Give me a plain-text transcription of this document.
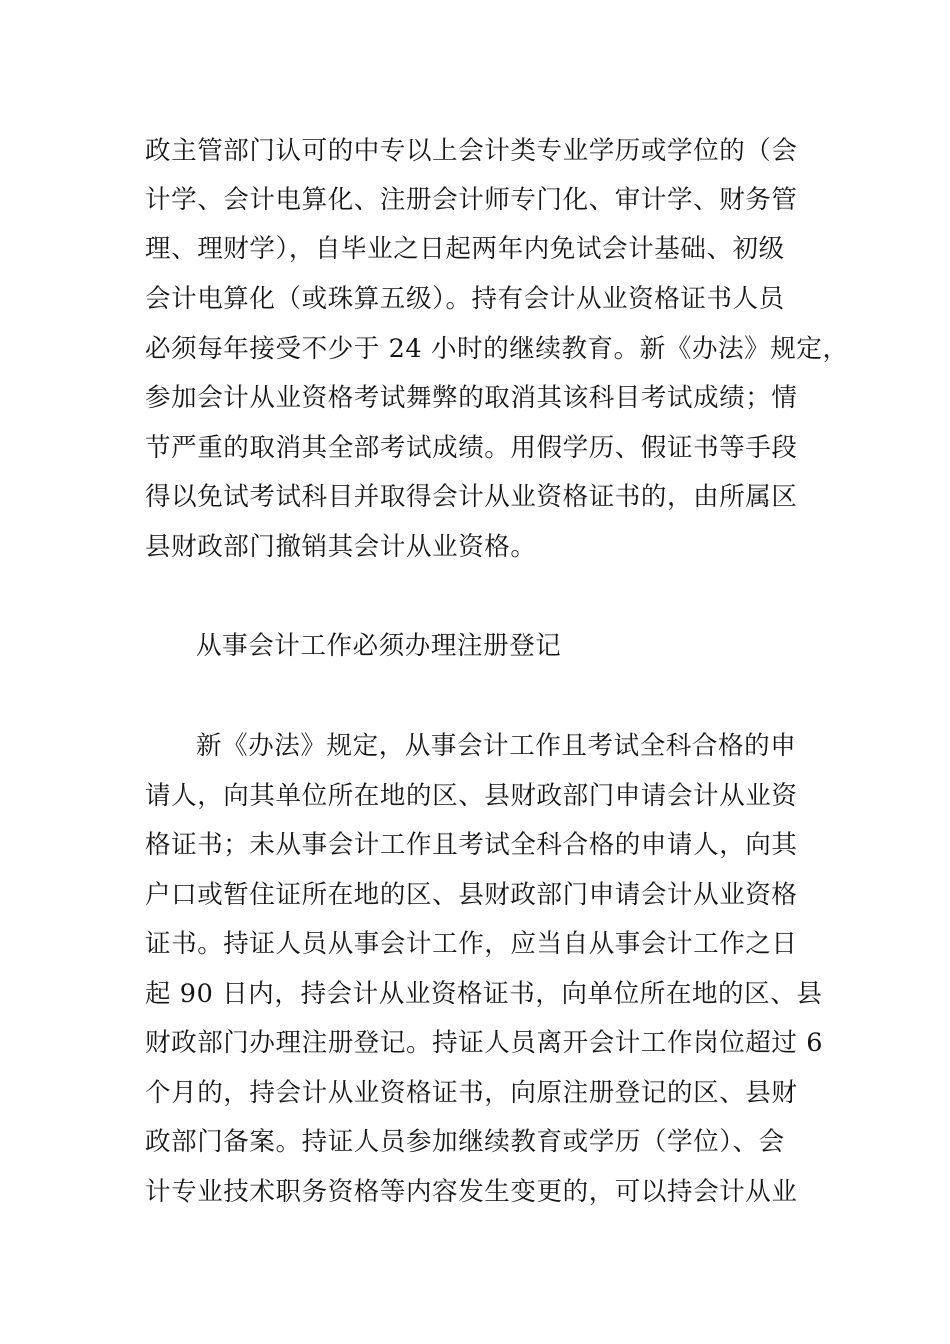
政主管部门认可的中专以上会计类专业学历或学位的（会

计学、会计电算化、注册会计师专门化、审计学、财务管

理、理财学），自毕业之日起两年内免试会计基础、初级

会计电算化（或珠算五级）。持有会计从业资格证书人员

必须每年接受不少于 24 小时的继续教育。新《办法》规定，

参加会计从业资格考试舞弊的取消其该科目考试成绩；情

节严重的取消其全部考试成绩。用假学历、假证书等手段

得以免试考试科目并取得会计从业资格证书的，由所属区

县财政部门撤销其会计从业资格。

从事会计工作必须办理注册登记

新《办法》规定，从事会计工作且考试全科合格的申

请人，向其单位所在地的区、县财政部门申请会计从业资

格证书；未从事会计工作且考试全科合格的申请人，向其

户口或暂住证所在地的区、县财政部门申请会计从业资格

证书。持证人员从事会计工作，应当自从事会计工作之日

起 90 日内，持会计从业资格证书，向单位所在地的区、县

财政部门办理注册登记。持证人员离开会计工作岗位超过 6

个月的，持会计从业资格证书，向原注册登记的区、县财

政部门备案。持证人员参加继续教育或学历（学位）、会

计专业技术职务资格等内容发生变更的，可以持会计从业
